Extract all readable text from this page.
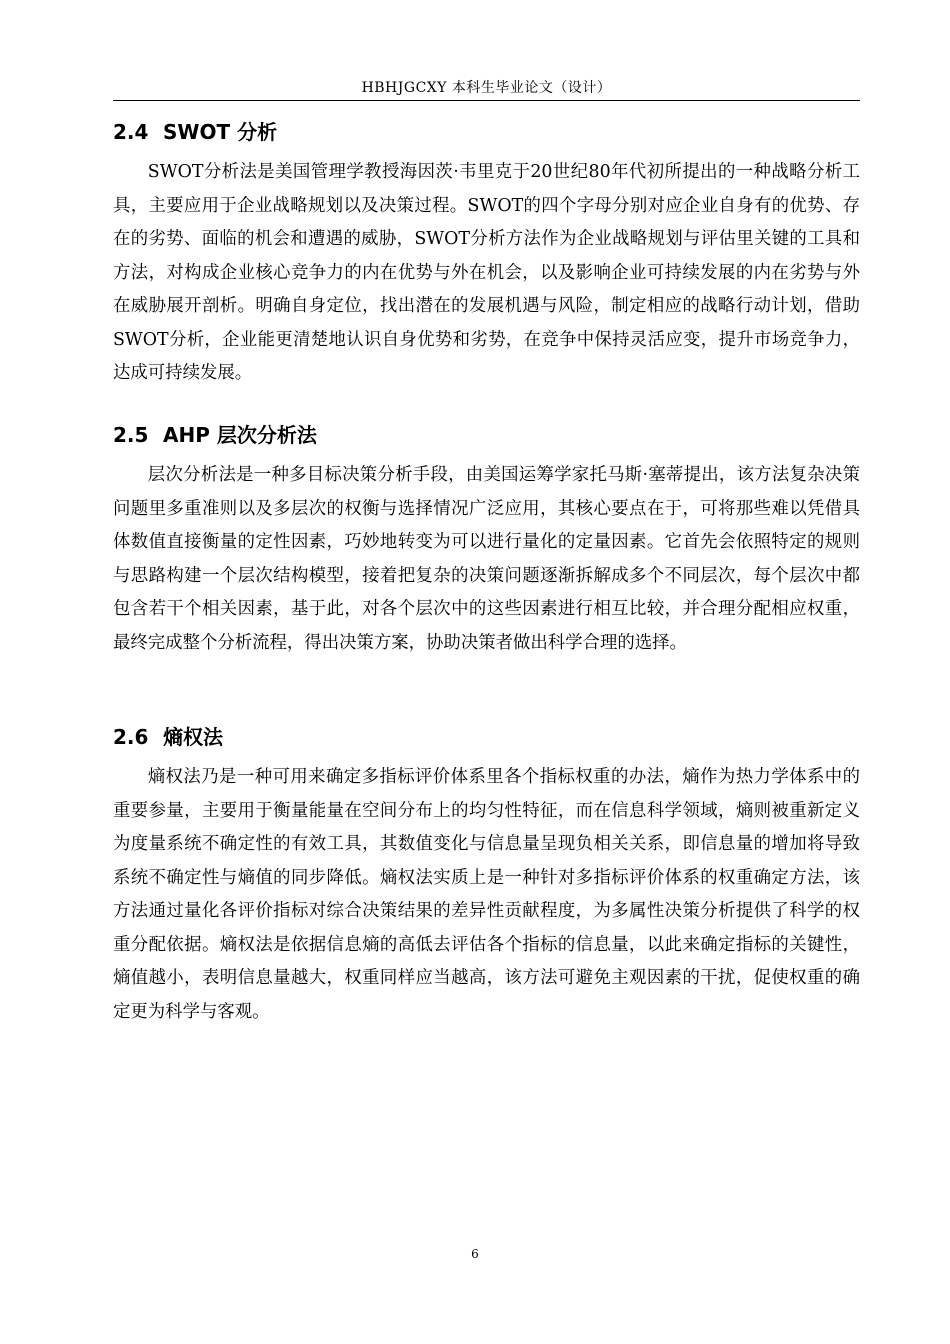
HBHJGCXY 本科生毕业论文（设计）
2.4 SWOT 分析

SWOT分析法是美国管理学教授海因茨·韦里克于20世纪80年代初所提出的一种战略分析工具，主要应用于企业战略规划以及决策过程。SWOT的四个字母分别对应企业自身有的优势、存在的劣势、面临的机会和遭遇的威胁，SWOT分析方法作为企业战略规划与评估里关键的工具和方法，对构成企业核心竞争力的内在优势与外在机会，以及影响企业可持续发展的内在劣势与外在威胁展开剖析。明确自身定位，找出潜在的发展机遇与风险，制定相应的战略行动计划，借助SWOT分析，企业能更清楚地认识自身优势和劣势，在竞争中保持灵活应变，提升市场竞争力，达成可持续发展。

2.5 AHP 层次分析法

层次分析法是一种多目标决策分析手段，由美国运筹学家托马斯·塞蒂提出，该方法复杂决策问题里多重准则以及多层次的权衡与选择情况广泛应用，其核心要点在于，可将那些难以凭借具体数值直接衡量的定性因素，巧妙地转变为可以进行量化的定量因素。它首先会依照特定的规则与思路构建一个层次结构模型，接着把复杂的决策问题逐渐拆解成多个不同层次，每个层次中都包含若干个相关因素，基于此，对各个层次中的这些因素进行相互比较，并合理分配相应权重，最终完成整个分析流程，得出决策方案，协助决策者做出科学合理的选择。

2.6 熵权法

熵权法乃是一种可用来确定多指标评价体系里各个指标权重的办法，熵作为热力学体系中的重要参量，主要用于衡量能量在空间分布上的均匀性特征，而在信息科学领域，熵则被重新定义为度量系统不确定性的有效工具，其数值变化与信息量呈现负相关关系，即信息量的增加将导致系统不确定性与熵值的同步降低。熵权法实质上是一种针对多指标评价体系的权重确定方法，该方法通过量化各评价指标对综合决策结果的差异性贡献程度，为多属性决策分析提供了科学的权重分配依据。熵权法是依据信息熵的高低去评估各个指标的信息量，以此来确定指标的关键性，熵值越小，表明信息量越大，权重同样应当越高，该方法可避免主观因素的干扰，促使权重的确定更为科学与客观。

6
